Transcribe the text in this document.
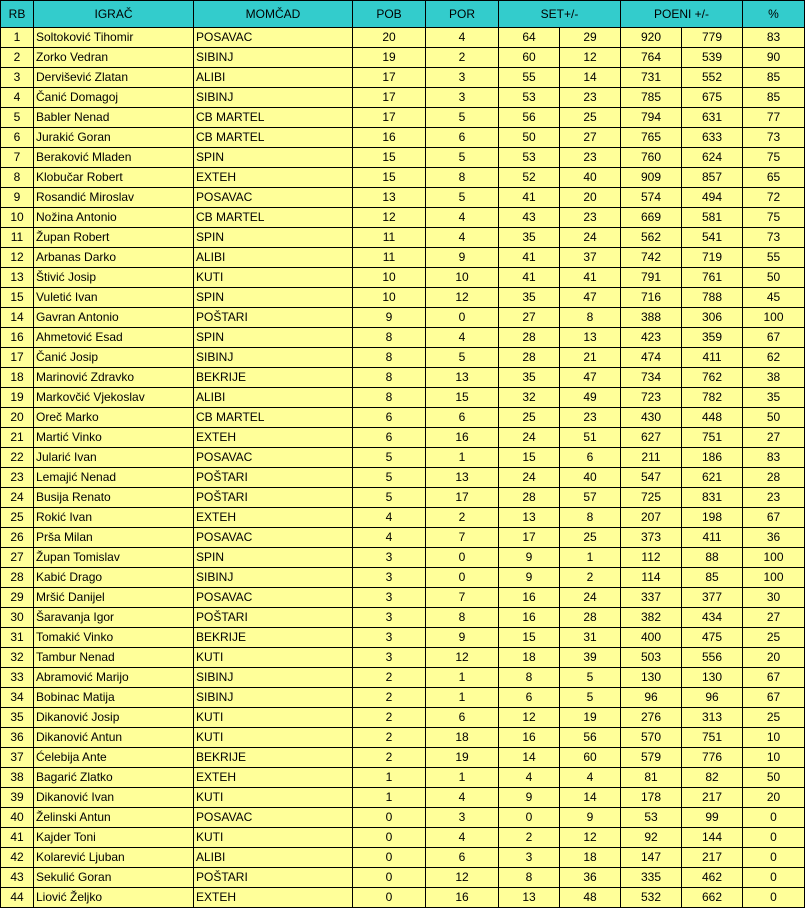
RB	IGRAČ	MOMČAD	POB	POR	SET+/-		POENI +/-		%
1	Soltoković Tihomir	POSAVAC	20	4	64	29	920	779	83
2	Zorko Vedran	SIBINJ	19	2	60	12	764	539	90
3	Dervišević Zlatan	ALIBI	17	3	55	14	731	552	85
4	Čanić Domagoj	SIBINJ	17	3	53	23	785	675	85
5	Babler Nenad	CB MARTEL	17	5	56	25	794	631	77
6	Jurakić Goran	CB MARTEL	16	6	50	27	765	633	73
7	Beraković Mladen	SPIN	15	5	53	23	760	624	75
8	Klobučar Robert	EXTEH	15	8	52	40	909	857	65
9	Rosandić Miroslav	POSAVAC	13	5	41	20	574	494	72
10	Nožina Antonio	CB MARTEL	12	4	43	23	669	581	75
11	Župan Robert	SPIN	11	4	35	24	562	541	73
12	Arbanas Darko	ALIBI	11	9	41	37	742	719	55
13	Štivić Josip	KUTI	10	10	41	41	791	761	50
15	Vuletić Ivan	SPIN	10	12	35	47	716	788	45
14	Gavran Antonio	POŠTARI	9	0	27	8	388	306	100
16	Ahmetović Esad	SPIN	8	4	28	13	423	359	67
17	Čanić Josip	SIBINJ	8	5	28	21	474	411	62
18	Marinović Zdravko	BEKRIJE	8	13	35	47	734	762	38
19	Markovčić Vjekoslav	ALIBI	8	15	32	49	723	782	35
20	Oreč Marko	CB MARTEL	6	6	25	23	430	448	50
21	Martić Vinko	EXTEH	6	16	24	51	627	751	27
22	Jularić Ivan	POSAVAC	5	1	15	6	211	186	83
23	Lemajić Nenad	POŠTARI	5	13	24	40	547	621	28
24	Busija Renato	POŠTARI	5	17	28	57	725	831	23
25	Rokić Ivan	EXTEH	4	2	13	8	207	198	67
26	Prša Milan	POSAVAC	4	7	17	25	373	411	36
27	Župan Tomislav	SPIN	3	0	9	1	112	88	100
28	Kabić Drago	SIBINJ	3	0	9	2	114	85	100
29	Mršić Danijel	POSAVAC	3	7	16	24	337	377	30
30	Šaravanja Igor	POŠTARI	3	8	16	28	382	434	27
31	Tomakić Vinko	BEKRIJE	3	9	15	31	400	475	25
32	Tambur Nenad	KUTI	3	12	18	39	503	556	20
33	Abramović Marijo	SIBINJ	2	1	8	5	130	130	67
34	Bobinac Matija	SIBINJ	2	1	6	5	96	96	67
35	Dikanović Josip	KUTI	2	6	12	19	276	313	25
36	Dikanović Antun	KUTI	2	18	16	56	570	751	10
37	Ćelebija Ante	BEKRIJE	2	19	14	60	579	776	10
38	Bagarić Zlatko	EXTEH	1	1	4	4	81	82	50
39	Dikanović Ivan	KUTI	1	4	9	14	178	217	20
40	Želinski Antun	POSAVAC	0	3	0	9	53	99	0
41	Kajder Toni	KUTI	0	4	2	12	92	144	0
42	Kolarević Ljuban	ALIBI	0	6	3	18	147	217	0
43	Sekulić Goran	POŠTARI	0	12	8	36	335	462	0
44	Liović Željko	EXTEH	0	16	13	48	532	662	0
